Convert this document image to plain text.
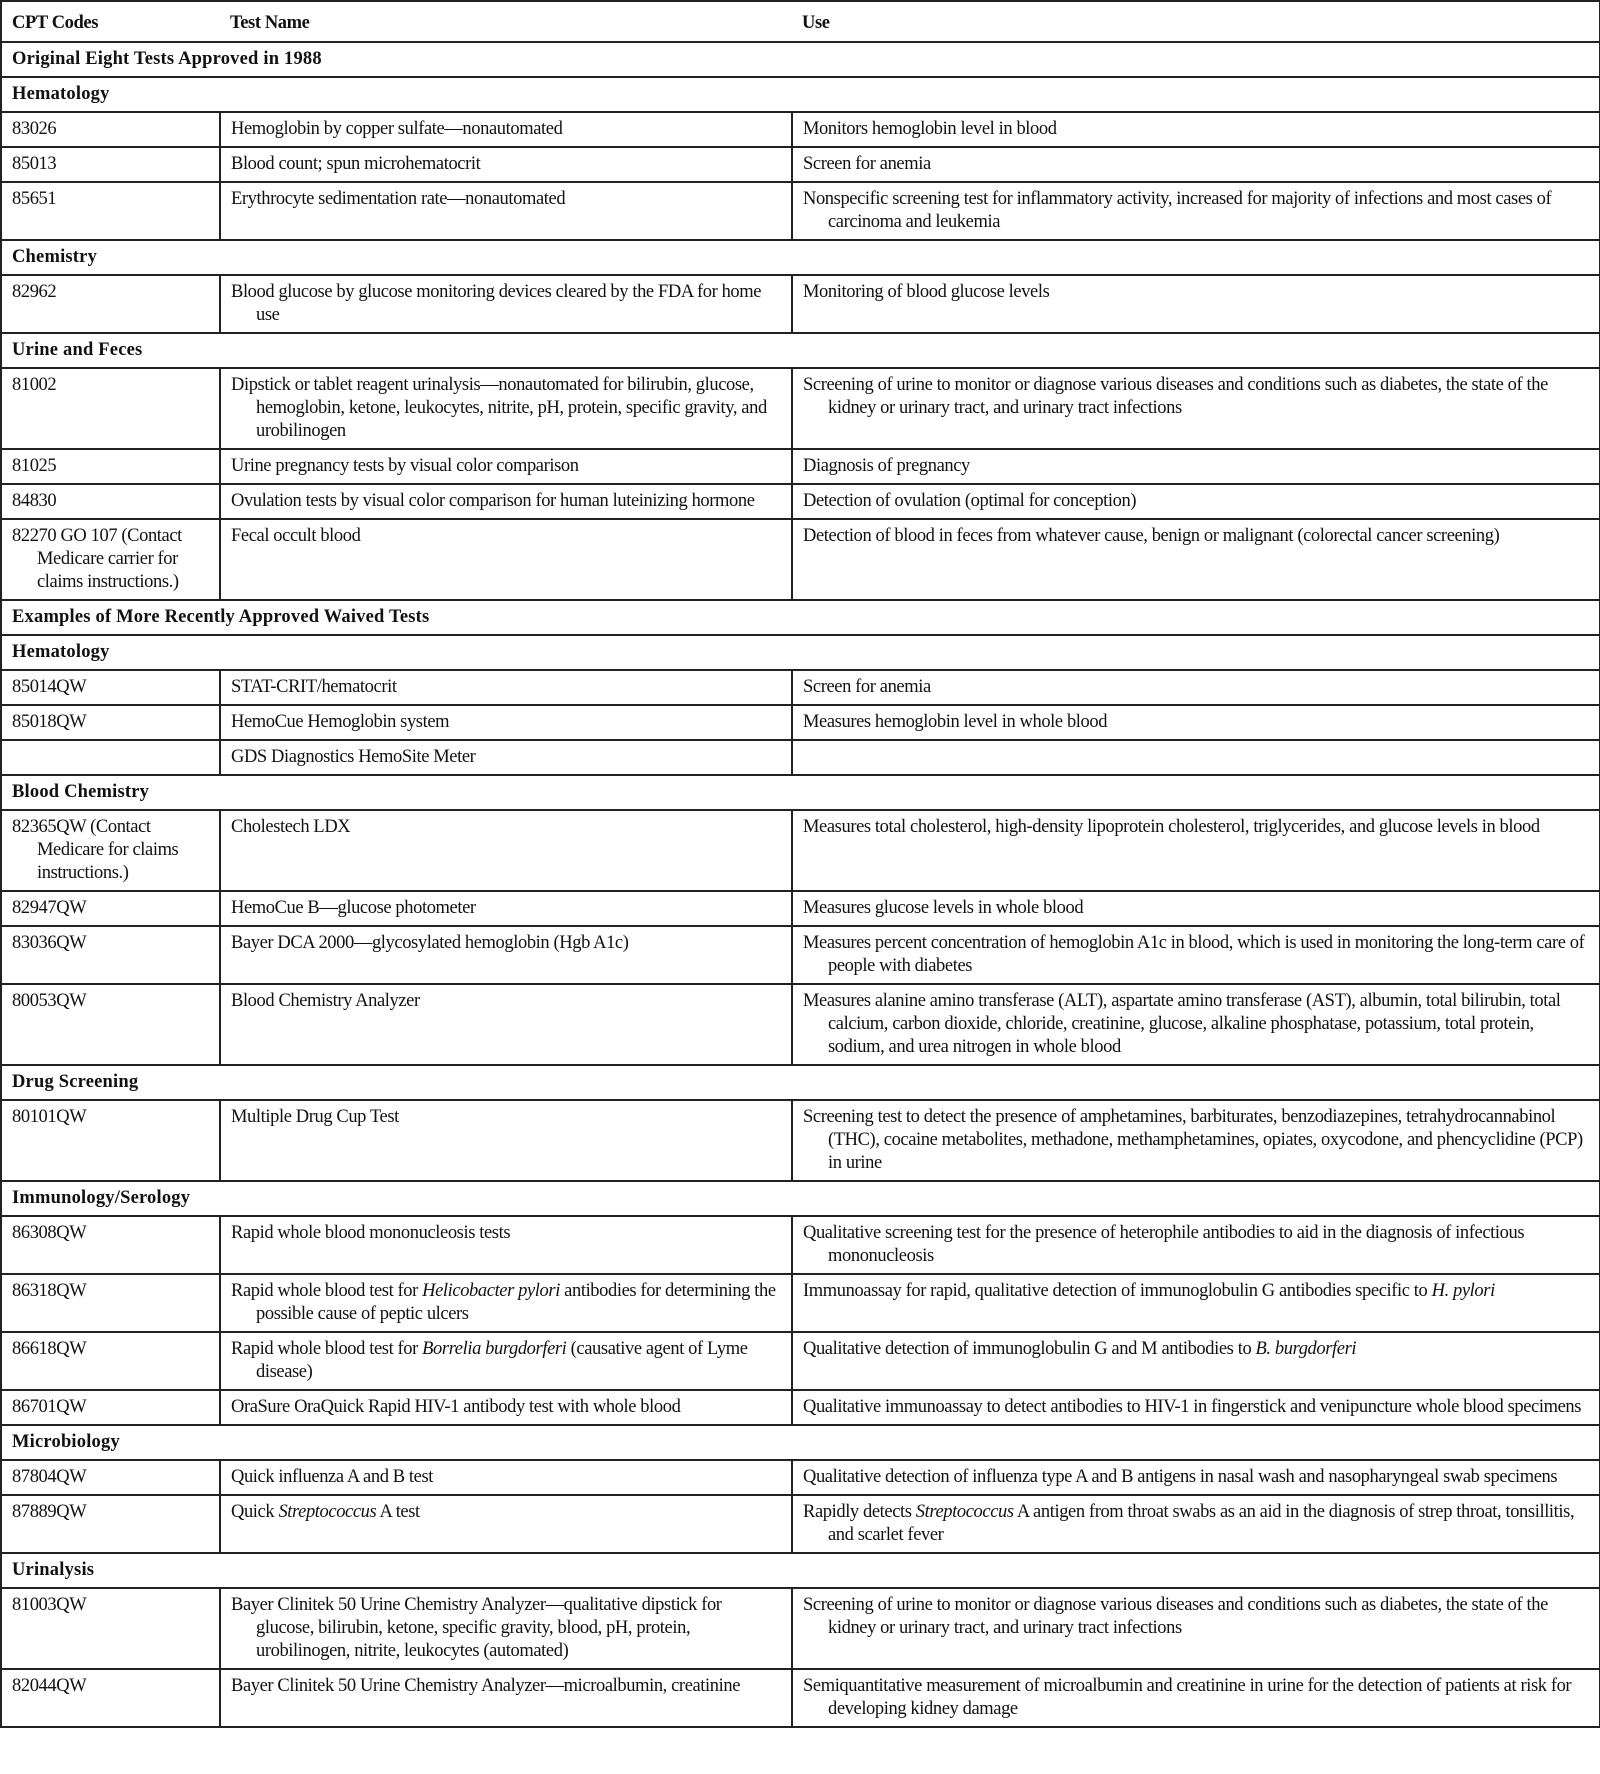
CPT Codes	Test Name	Use
Original Eight Tests Approved in 1988		
Hematology		

83026	Hemoglobin by copper sulfate—nonautomated	Monitors hemoglobin level in blood

85013	Blood count; spun microhematocrit	Screen for anemia

85651	Erythrocyte sedimentation rate—nonautomated	Nonspecific screening test for inflammatory activity, increased for majority of infections and most cases of carcinoma and leukemia

Chemistry		

82962	Blood glucose by glucose monitoring devices cleared by the FDA for home use	Monitoring of blood glucose levels

Urine and Feces		

81002	Dipstick or tablet reagent urinalysis—nonautomated for bilirubin, glucose, hemoglobin, ketone, leukocytes, nitrite, pH, protein, specific gravity, and urobilinogen	Screening of urine to monitor or diagnose various diseases and conditions such as diabetes, the state of the kidney or urinary tract, and urinary tract infections

81025	Urine pregnancy tests by visual color comparison	Diagnosis of pregnancy

84830	Ovulation tests by visual color comparison for human luteinizing hormone	Detection of ovulation (optimal for conception)

82270 GO 107 (Contact Medicare carrier for claims instructions.)	Fecal occult blood	Detection of blood in feces from whatever cause, benign or malignant (colorectal cancer screening)

Examples of More Recently Approved Waived Tests		
Hematology		

85014QW	STAT-CRIT/hematocrit	Screen for anemia

85018QW	HemoCue Hemoglobin system	Measures hemoglobin level in whole blood

	GDS Diagnostics HemoSite Meter	

Blood Chemistry		

82365QW (Contact Medicare for claims instructions.)	Cholestech LDX	Measures total cholesterol, high-density lipoprotein cholesterol, triglycerides, and glucose levels in blood

82947QW	HemoCue B—glucose photometer	Measures glucose levels in whole blood

83036QW	Bayer DCA 2000—glycosylated hemoglobin (Hgb A1c)	Measures percent concentration of hemoglobin A1c in blood, which is used in monitoring the long-term care of people with diabetes

80053QW	Blood Chemistry Analyzer	Measures alanine amino transferase (ALT), aspartate amino transferase (AST), albumin, total bilirubin, total calcium, carbon dioxide, chloride, creatinine, glucose, alkaline phosphatase, potassium, total protein, sodium, and urea nitrogen in whole blood

Drug Screening		

80101QW	Multiple Drug Cup Test	Screening test to detect the presence of amphetamines, barbiturates, benzodiazepines, tetrahydrocannabinol (THC), cocaine metabolites, methadone, methamphetamines, opiates, oxycodone, and phencyclidine (PCP) in urine

Immunology/Serology		

86308QW	Rapid whole blood mononucleosis tests	Qualitative screening test for the presence of heterophile antibodies to aid in the diagnosis of infectious mononucleosis

86318QW	Rapid whole blood test for Helicobacter pylori antibodies for determining the possible cause of peptic ulcers	Immunoassay for rapid, qualitative detection of immunoglobulin G antibodies specific to H. pylori

86618QW	Rapid whole blood test for Borrelia burgdorferi (causative agent of Lyme disease)	Qualitative detection of immunoglobulin G and M antibodies to B. burgdorferi

86701QW	OraSure OraQuick Rapid HIV-1 antibody test with whole blood	Qualitative immunoassay to detect antibodies to HIV-1 in fingerstick and venipuncture whole blood specimens

Microbiology		

87804QW	Quick influenza A and B test	Qualitative detection of influenza type A and B antigens in nasal wash and nasopharyngeal swab specimens

87889QW	Quick Streptococcus A test	Rapidly detects Streptococcus A antigen from throat swabs as an aid in the diagnosis of strep throat, tonsillitis, and scarlet fever

Urinalysis		

81003QW	Bayer Clinitek 50 Urine Chemistry Analyzer—qualitative dipstick for glucose, bilirubin, ketone, specific gravity, blood, pH, protein, urobilinogen, nitrite, leukocytes (automated)	Screening of urine to monitor or diagnose various diseases and conditions such as diabetes, the state of the kidney or urinary tract, and urinary tract infections

82044QW	Bayer Clinitek 50 Urine Chemistry Analyzer—microalbumin, creatinine	Semiquantitative measurement of microalbumin and creatinine in urine for the detection of patients at risk for developing kidney damage
